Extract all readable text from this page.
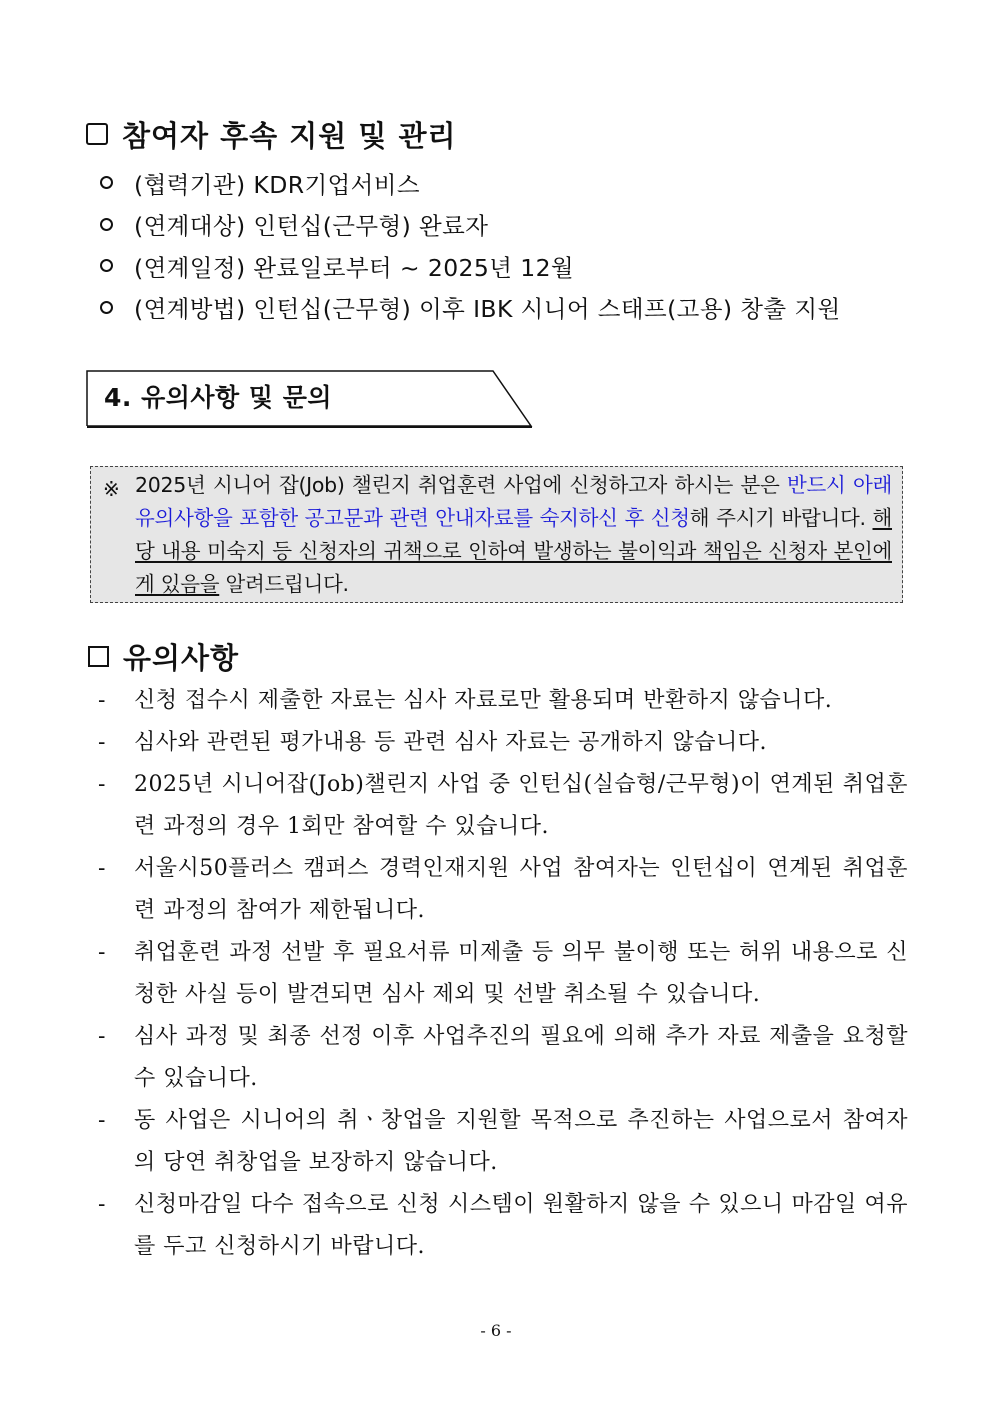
참여자 후속 지원 및 관리
(협력기관) KDR기업서비스
(연계대상) 인턴십(근무형) 완료자
(연계일정) 완료일로부터 ~ 2025년 12월
(연계방법) 인턴십(근무형) 이후 IBK 시니어 스태프(고용) 창출 지원
4. 유의사항 및 문의
※ 2025년 시니어 잡(Job) 챌린지 취업훈련 사업에 신청하고자 하시는 분은 반드시 아래 유의사항을 포함한 공고문과 관련 안내자료를 숙지하신 후 신청해 주시기 바랍니다. 해당 내용 미숙지 등 신청자의 귀책으로 인하여 발생하는 불이익과 책임은 신청자 본인에게 있음을 알려드립니다.
유의사항
- 신청 접수시 제출한 자료는 심사 자료로만 활용되며 반환하지 않습니다.
- 심사와 관련된 평가내용 등 관련 심사 자료는 공개하지 않습니다.
- 2025년 시니어잡(Job)챌린지 사업 중 인턴십(실습형/근무형)이 연계된 취업훈련 과정의 경우 1회만 참여할 수 있습니다.
- 서울시50플러스 캠퍼스 경력인재지원 사업 참여자는 인턴십이 연계된 취업훈련 과정의 참여가 제한됩니다.
- 취업훈련 과정 선발 후 필요서류 미제출 등 의무 불이행 또는 허위 내용으로 신청한 사실 등이 발견되면 심사 제외 및 선발 취소될 수 있습니다.
- 심사 과정 및 최종 선정 이후 사업추진의 필요에 의해 추가 자료 제출을 요청할 수 있습니다.
- 동 사업은 시니어의 취ㆍ창업을 지원할 목적으로 추진하는 사업으로서 참여자의 당연 취창업을 보장하지 않습니다.
- 신청마감일 다수 접속으로 신청 시스템이 원활하지 않을 수 있으니 마감일 여유를 두고 신청하시기 바랍니다.
- 6 -
